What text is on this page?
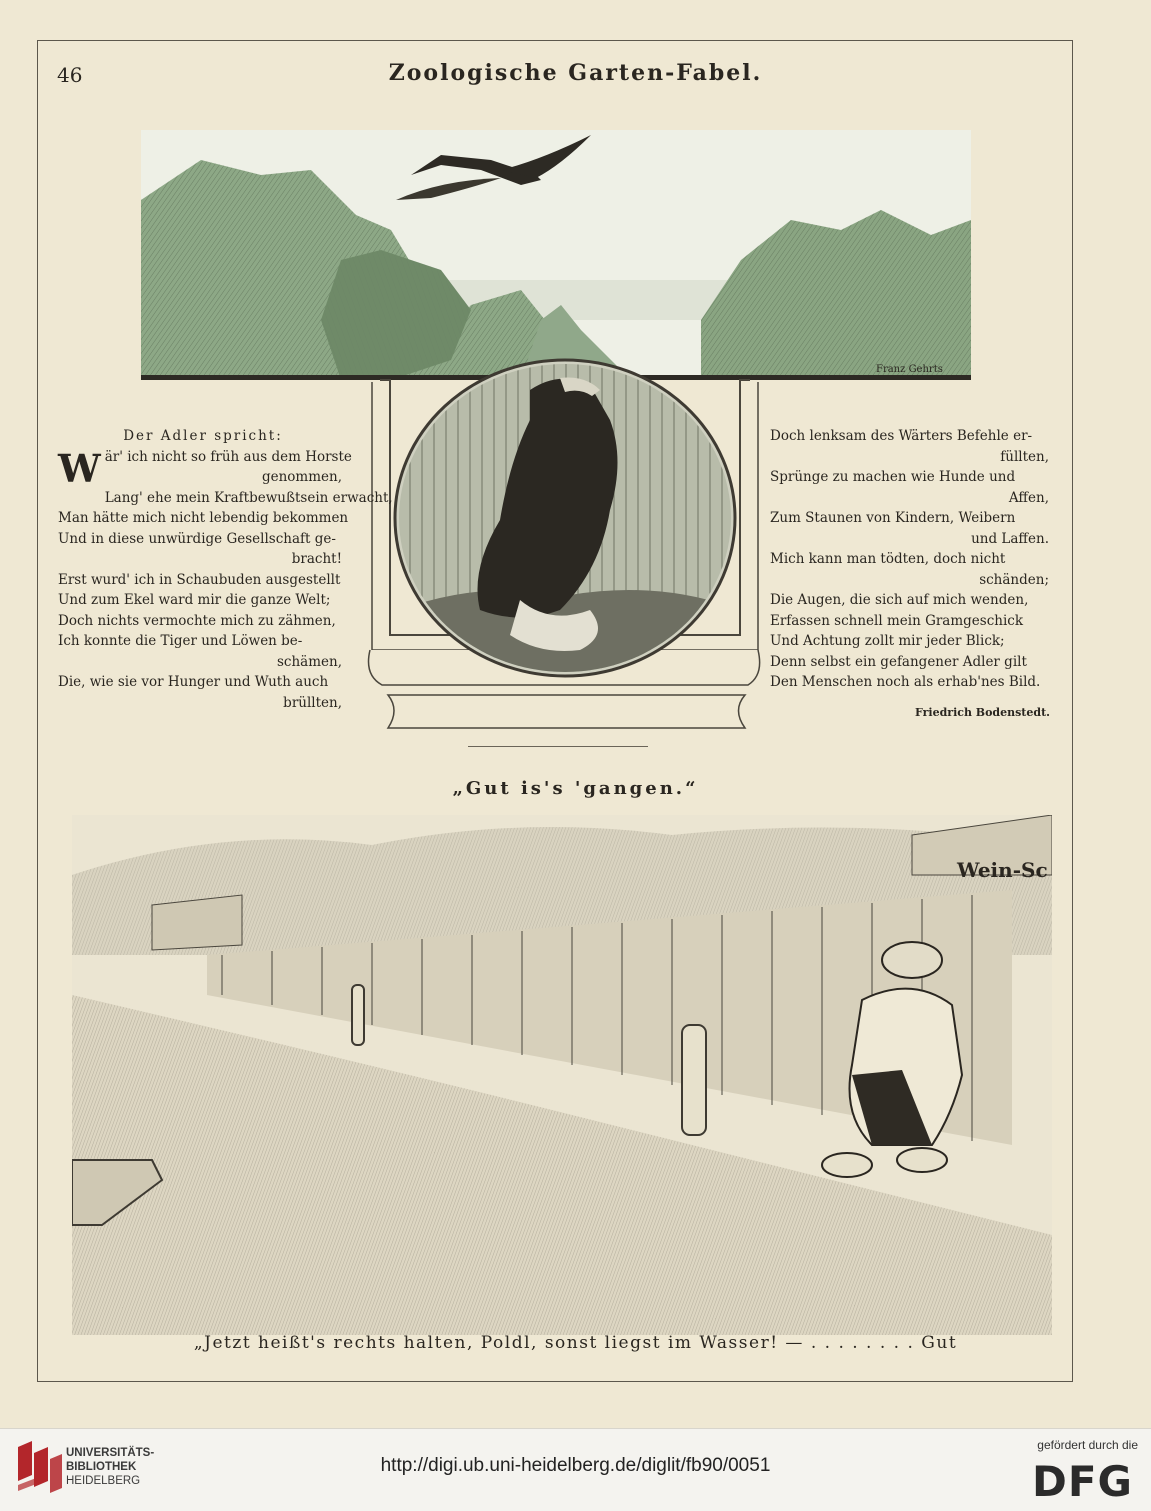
46	Zoologische Garten-Fabel.
Franz Gehrts
Der Adler spricht:
W är' ich nicht so früh aus dem Horste
genommen,
Lang' ehe mein Kraftbewußtsein erwacht,
Man hätte mich nicht lebendig bekommen
Und in diese unwürdige Gesellschaft ge-
bracht!
Erst wurd' ich in Schaubuden ausgestellt
Und zum Ekel ward mir die ganze Welt;
Doch nichts vermochte mich zu zähmen,
Ich konnte die Tiger und Löwen be-
schämen,
Die, wie sie vor Hunger und Wuth auch
brüllten,
Doch lenksam des Wärters Befehle er-
füllten,
Sprünge zu machen wie Hunde und
Affen,
Zum Staunen von Kindern, Weibern
und Laffen.
Mich kann man tödten, doch nicht
schänden;
Die Augen, die sich auf mich wenden,
Erfassen schnell mein Gramgeschick
Und Achtung zollt mir jeder Blick;
Denn selbst ein gefangener Adler gilt
Den Menschen noch als erhab'nes Bild.
Friedrich Bodenstedt.
„Gut is's 'gangen.“
Wein-Sc
„Jetzt heißt's rechts halten, Poldl, sonst liegst im Wasser! — . . . . . . . . Gut
UNIVERSITÄTS-
BIBLIOTHEK
HEIDELBERG
http://digi.ub.uni-heidelberg.de/diglit/fb90/0051
gefördert durch die
DFG
